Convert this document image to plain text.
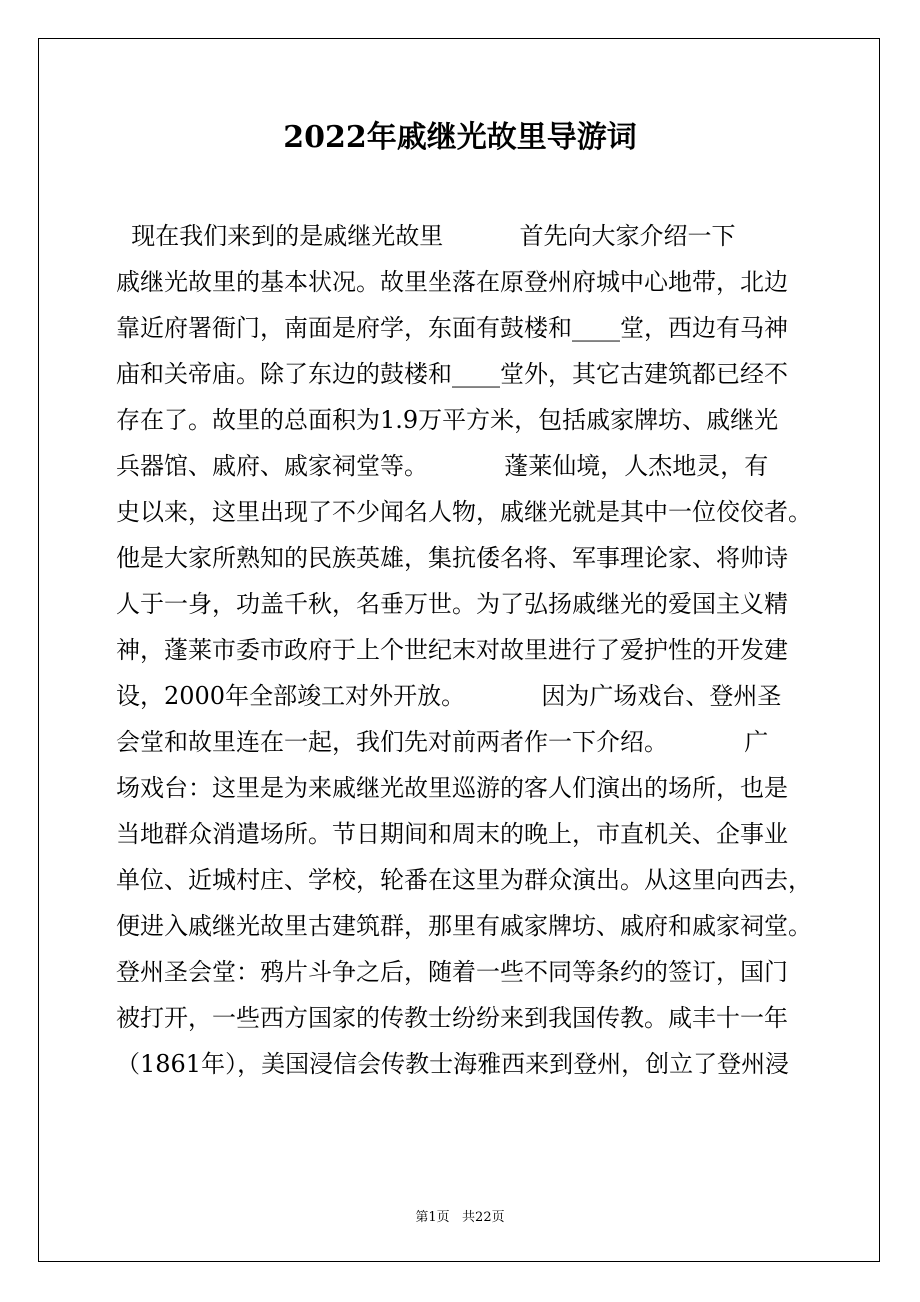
2022年戚继光故里导游词
现在我们来到的是戚继光故里          首先向大家介绍一下
戚继光故里的基本状况。故里坐落在原登州府城中心地带，北边
靠近府署衙门，南面是府学，东面有鼓楼和____堂，西边有马神
庙和关帝庙。除了东边的鼓楼和____堂外，其它古建筑都已经不
存在了。故里的总面积为1.9万平方米，包括戚家牌坊、戚继光
兵器馆、戚府、戚家祠堂等。          蓬莱仙境，人杰地灵，有
史以来，这里出现了不少闻名人物，戚继光就是其中一位佼佼者。
他是大家所熟知的民族英雄，集抗倭名将、军事理论家、将帅诗
人于一身，功盖千秋，名垂万世。为了弘扬戚继光的爱国主义精
神，蓬莱市委市政府于上个世纪末对故里进行了爱护性的开发建
设，2000年全部竣工对外开放。          因为广场戏台、登州圣
会堂和故里连在一起，我们先对前两者作一下介绍。          广
场戏台：这里是为来戚继光故里巡游的客人们演出的场所，也是
当地群众消遣场所。节日期间和周末的晚上，市直机关、企事业
单位、近城村庄、学校，轮番在这里为群众演出。从这里向西去，
便进入戚继光故里古建筑群，那里有戚家牌坊、戚府和戚家祠堂。
登州圣会堂：鸦片斗争之后，随着一些不同等条约的签订，国门
被打开，一些西方国家的传教士纷纷来到我国传教。咸丰十一年
（1861年），美国浸信会传教士海雅西来到登州，创立了登州浸
第1页   共22页
